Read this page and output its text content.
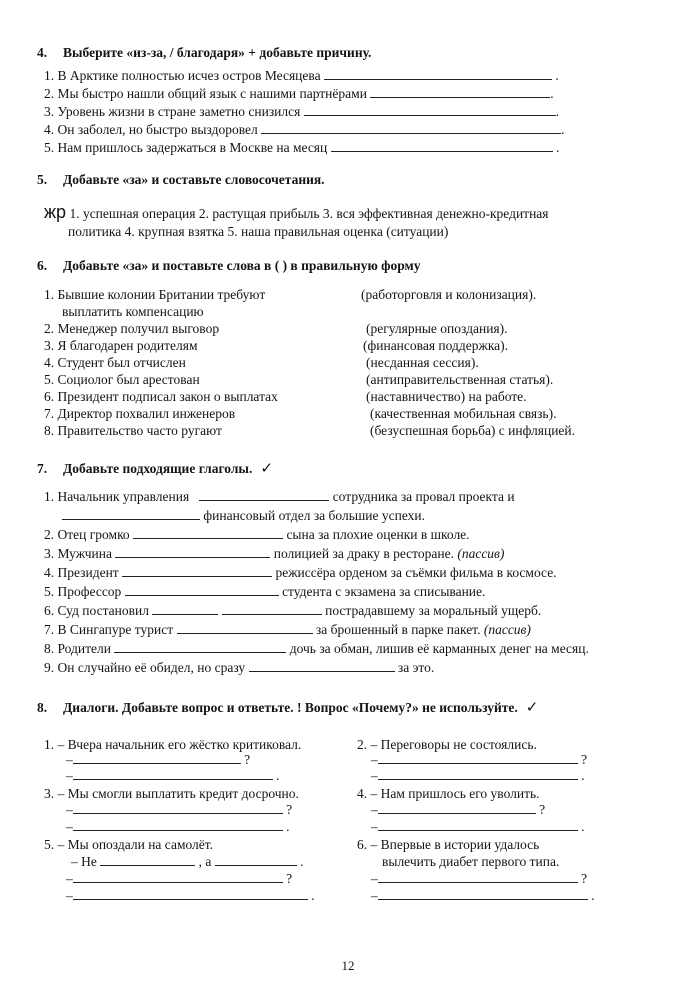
4. Выберите «из-за, / благодаря» + добавьте причину.
1. В Арктике полностью исчез остров Месяцева	.
2. Мы быстро нашли общий язык с нашими партнёрами	.
3. Уровень жизни в стране заметно снизился	.
4. Он заболел, но быстро выздоровел	.
5. Нам пришлось задержаться в Москве на месяц	.
5. Добавьте «за» и составьте словосочетания.
жр 1. успешная операция 2. растущая прибыль 3. вся эффективная денежно-кредитная
политика 4. крупная взятка 5. наша правильная оценка (ситуации)
6. Добавьте «за» и поставьте слова в ( ) в правильную форму
1. Бывшие колонии Британии требуют	(работорговля и колонизация).
выплатить компенсацию
2. Менеджер получил выговор	(регулярные опоздания).
3. Я благодарен родителям	(финансовая поддержка).
4. Студент был отчислен	(несданная сессия).
5. Социолог был арестован	(антиправительственная статья).
6. Президент подписал закон о выплатах	(наставничество) на работе.
7. Директор похвалил инженеров	(качественная мобильная связь).
8. Правительство часто ругают	(безуспешная борьба) с инфляцией.
7. Добавьте подходящие глаголы. ✓
1. Начальник управления	сотрудника за провал проекта и
финансовый отдел за большие успехи.
2. Отец громко	сына за плохие оценки в школе.
3. Мужчина	полицией за драку в ресторане. (пассив)
4. Президент	режиссёра орденом за съёмки фильма в космосе.
5. Профессор	студента с экзамена за списывание.
6. Суд постановил	пострадавшему за моральный ущерб.
7. В Сингапуре турист	за брошенный в парке пакет. (пассив)
8. Родители	дочь за обман, лишив её карманных денег на месяц.
9. Он случайно её обидел, но сразу	за это.
8. Диалоги. Добавьте вопрос и ответьте. ! Вопрос «Почему?» не используйте. ✓
1. – Вчера начальник его жёстко критиковал.
–	?
–	.
2. – Переговоры не состоялись.
–	?
–	.
3. – Мы смогли выплатить кредит досрочно.
–	?
–	.
4. – Нам пришлось его уволить.
–	?
–	.
5. – Мы опоздали на самолёт.
– Не	, а	.
–	?
–	.
6. – Впервые в истории удалось
вылечить диабет первого типа.
–	?
–	.
12
